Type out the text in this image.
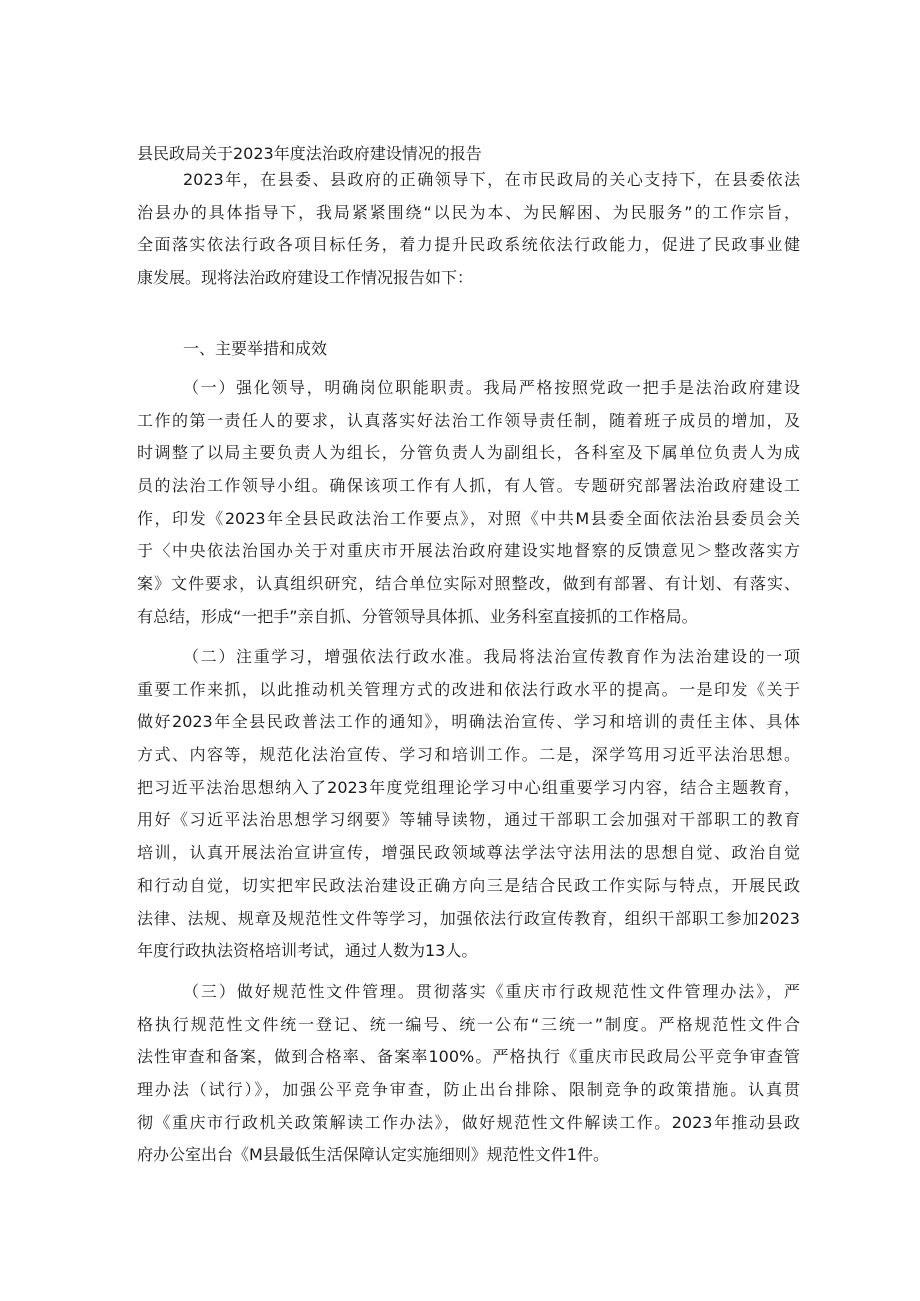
县民政局关于2023年度法治政府建设情况的报告
2023年，在县委、县政府的正确领导下，在市民政局的关心支持下，在县委依法
治县办的具体指导下，我局紧紧围绕“以民为本、为民解困、为民服务”的工作宗旨，
全面落实依法行政各项目标任务，着力提升民政系统依法行政能力，促进了民政事业健
康发展。现将法治政府建设工作情况报告如下：
一、主要举措和成效
（一）强化领导，明确岗位职能职责。我局严格按照党政一把手是法治政府建设
工作的第一责任人的要求，认真落实好法治工作领导责任制，随着班子成员的增加，及
时调整了以局主要负责人为组长，分管负责人为副组长，各科室及下属单位负责人为成
员的法治工作领导小组。确保该项工作有人抓，有人管。专题研究部署法治政府建设工
作，印发《2023年全县民政法治工作要点》，对照《中共M县委全面依法治县委员会关
于〈中央依法治国办关于对重庆市开展法治政府建设实地督察的反馈意见＞整改落实方
案》文件要求，认真组织研究，结合单位实际对照整改，做到有部署、有计划、有落实、
有总结，形成“一把手”亲自抓、分管领导具体抓、业务科室直接抓的工作格局。
（二）注重学习，增强依法行政水准。我局将法治宣传教育作为法治建设的一项
重要工作来抓，以此推动机关管理方式的改进和依法行政水平的提高。一是印发《关于
做好2023年全县民政普法工作的通知》，明确法治宣传、学习和培训的责任主体、具体
方式、内容等，规范化法治宣传、学习和培训工作。二是，深学笃用习近平法治思想。
把习近平法治思想纳入了2023年度党组理论学习中心组重要学习内容，结合主题教育，
用好《习近平法治思想学习纲要》等辅导读物，通过干部职工会加强对干部职工的教育
培训，认真开展法治宣讲宣传，增强民政领域尊法学法守法用法的思想自觉、政治自觉
和行动自觉，切实把牢民政法治建设正确方向三是结合民政工作实际与特点，开展民政
法律、法规、规章及规范性文件等学习，加强依法行政宣传教育，组织干部职工参加2023
年度行政执法资格培训考试，通过人数为13人。
（三）做好规范性文件管理。贯彻落实《重庆市行政规范性文件管理办法》，严
格执行规范性文件统一登记、统一编号、统一公布“三统一”制度。严格规范性文件合
法性审查和备案，做到合格率、备案率100%。严格执行《重庆市民政局公平竞争审查管
理办法（试行）》，加强公平竞争审查，防止出台排除、限制竞争的政策措施。认真贯
彻《重庆市行政机关政策解读工作办法》，做好规范性文件解读工作。2023年推动县政
府办公室出台《M县最低生活保障认定实施细则》规范性文件1件。
